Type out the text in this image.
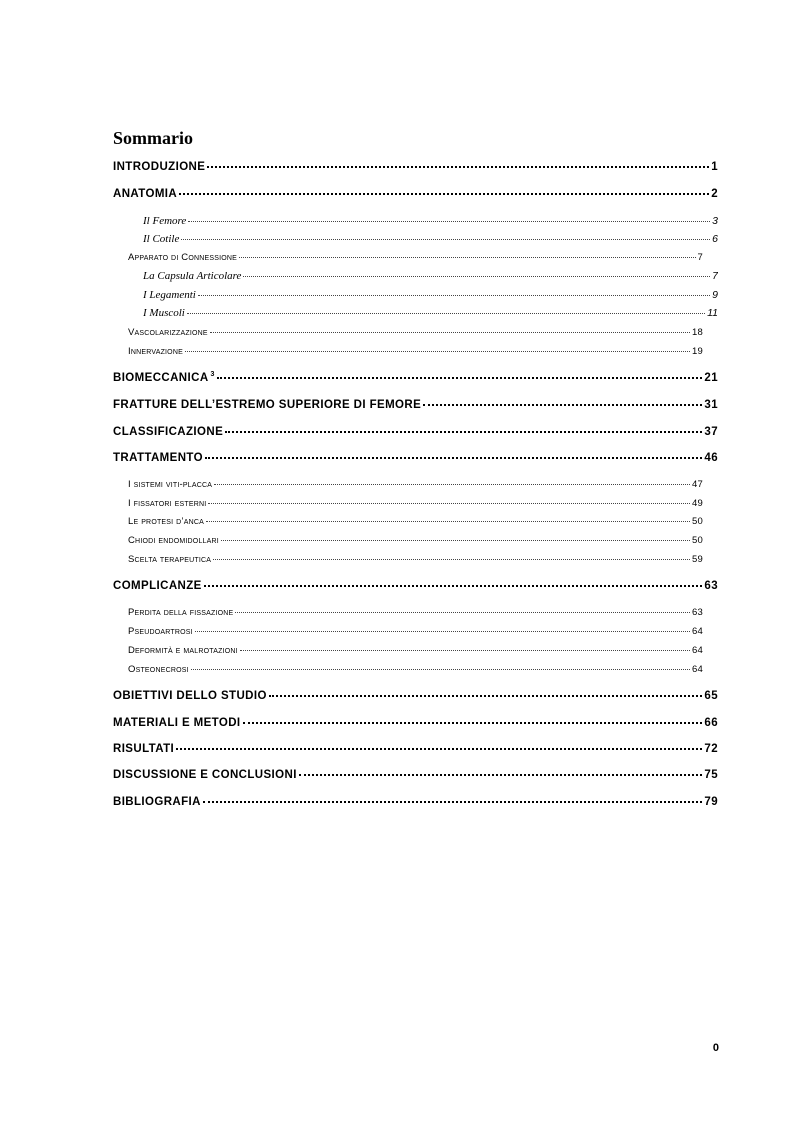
Sommario
INTRODUZIONE	1
ANATOMIA	2
Il Femore	3
Il Cotile	6
Apparato di Connessione	7
La Capsula Articolare	7
I Legamenti	9
I Muscoli	11
Vascolarizzazione	18
Innervazione	19
BIOMECCANICA $^3$	21
FRATTURE DELL’ESTREMO SUPERIORE DI FEMORE	31
CLASSIFICAZIONE	37
TRATTAMENTO	46
I sistemi viti-placca	47
I fissatori esterni	49
Le protesi d’anca	50
Chiodi endomidollari	50
Scelta terapeutica	59
COMPLICANZE	63
Perdita della fissazione	63
Pseudoartrosi	64
Deformità e malrotazioni	64
Osteonecrosi	64
OBIETTIVI DELLO STUDIO	65
MATERIALI E METODI	66
RISULTATI	72
DISCUSSIONE E CONCLUSIONI	75
BIBLIOGRAFIA	79
0
